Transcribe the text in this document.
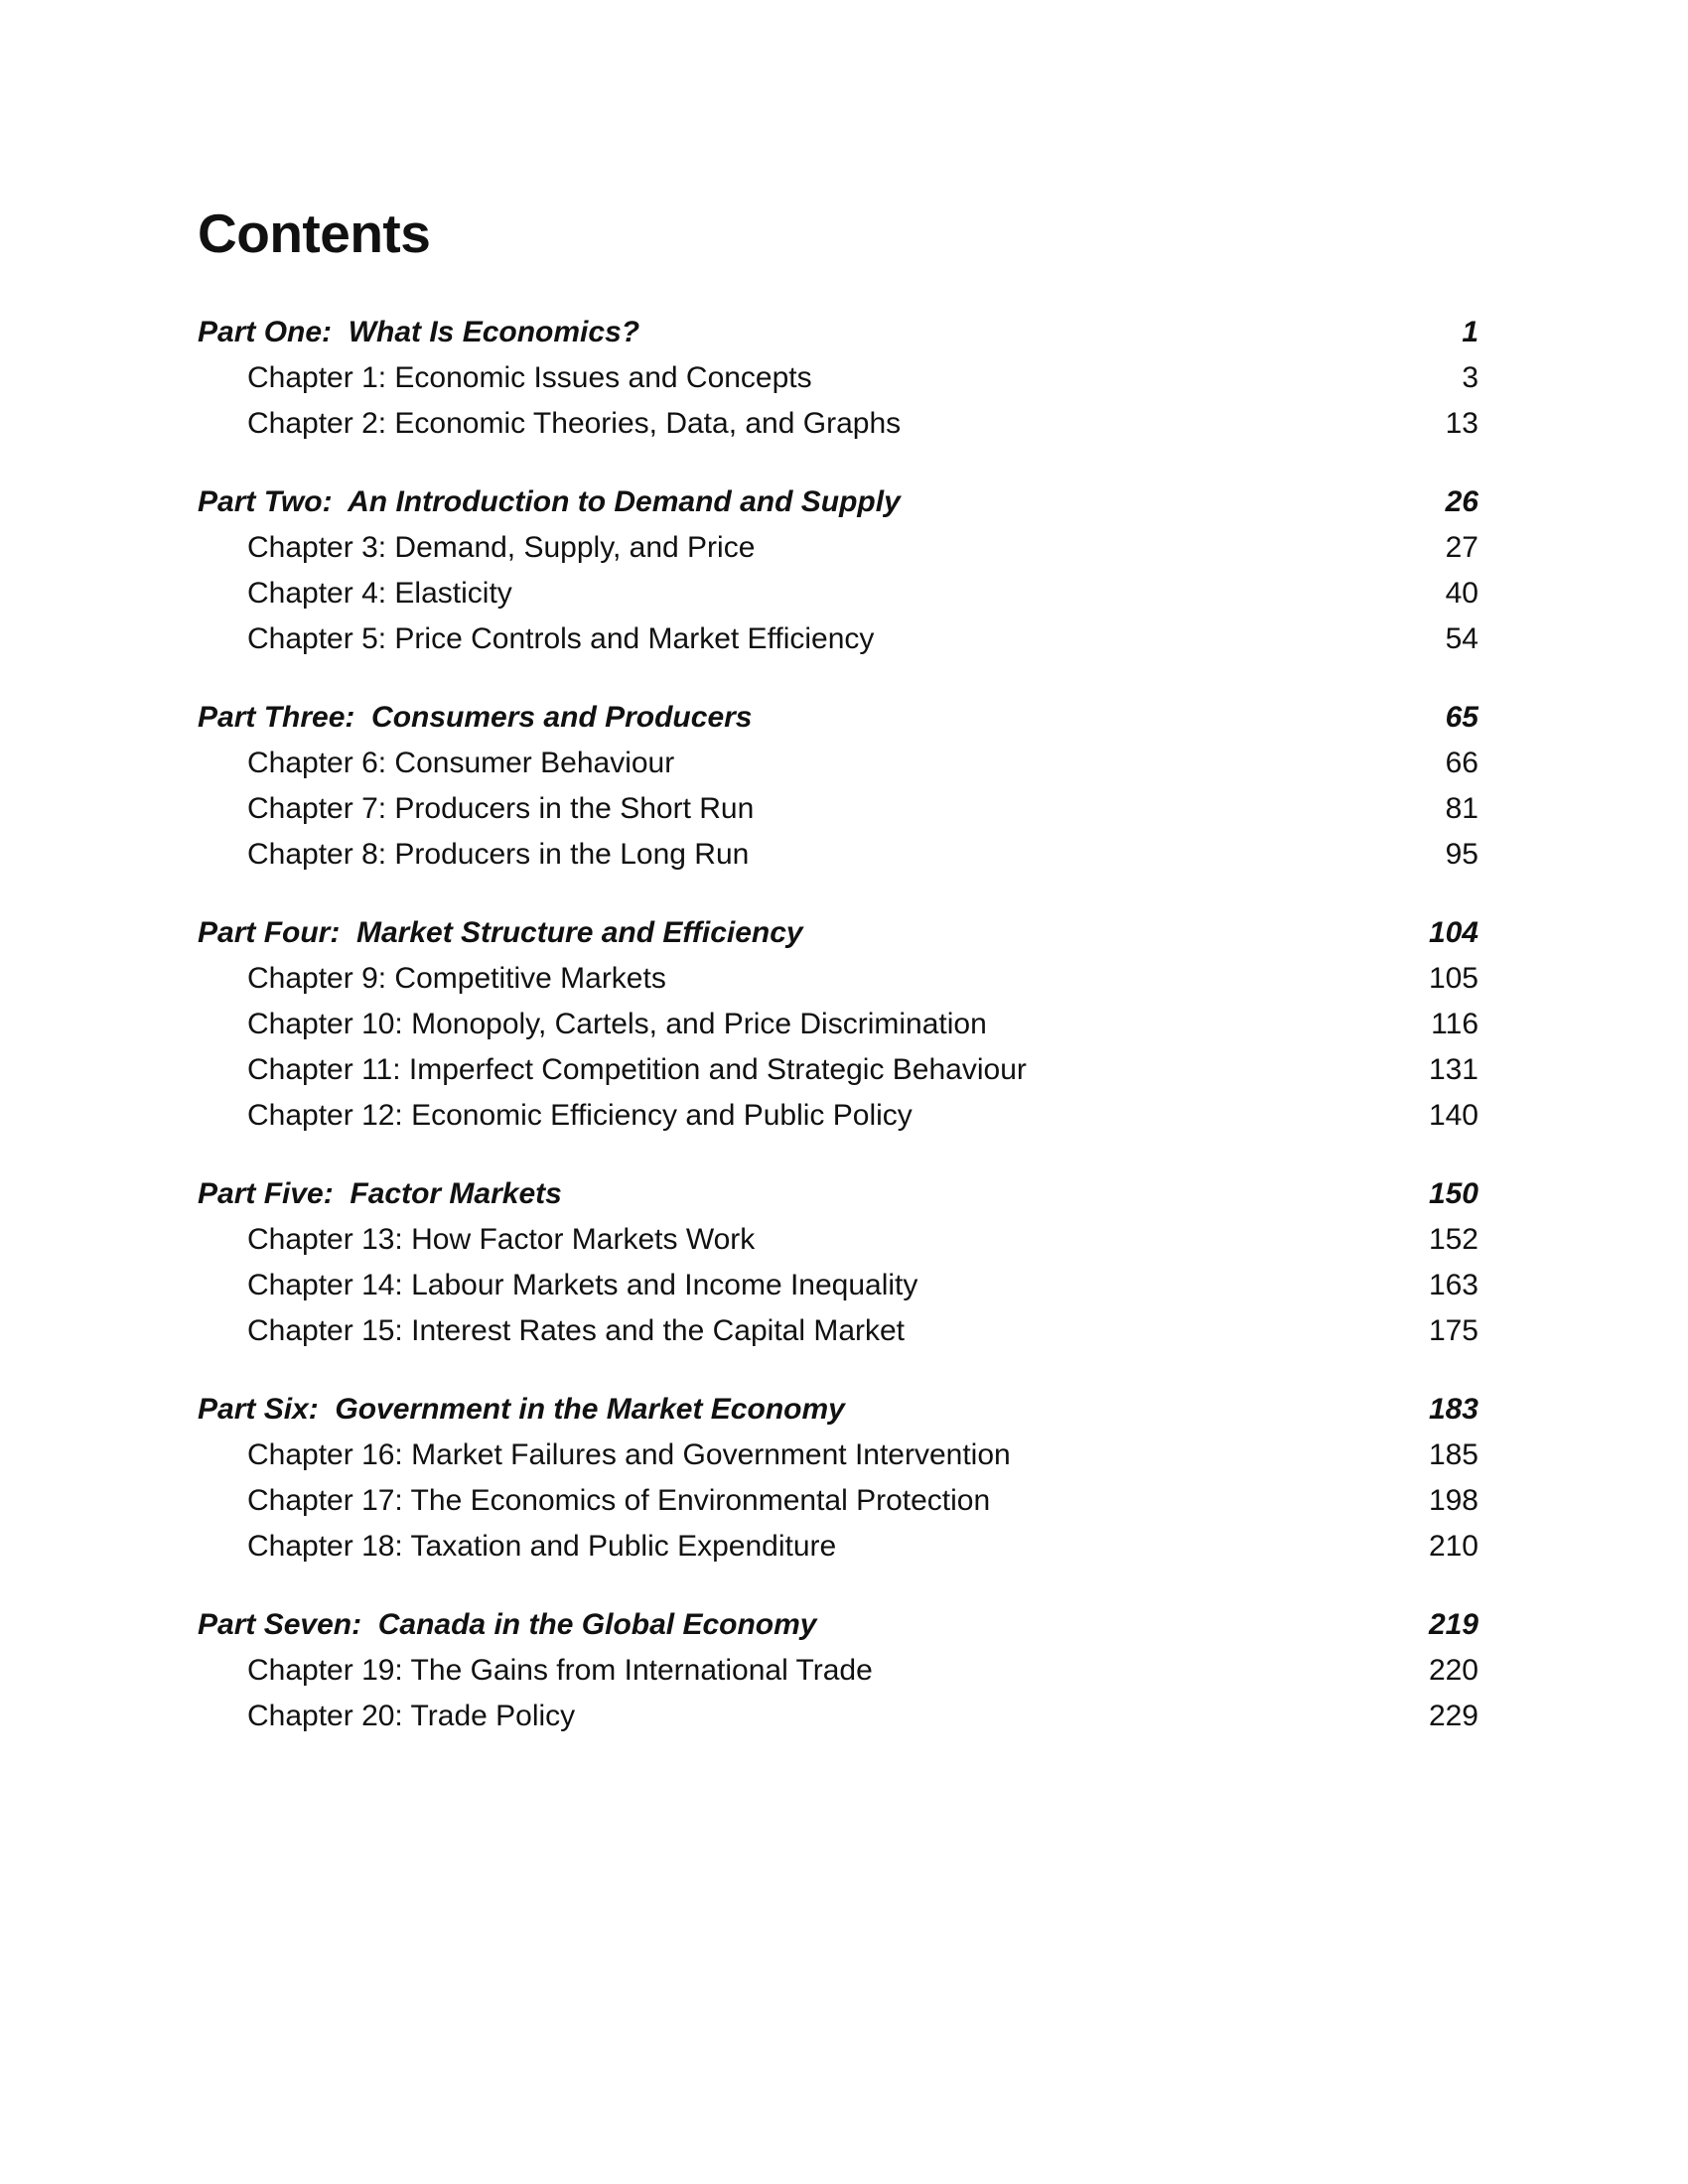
Contents
Part One:  What Is Economics?	1
Chapter 1: Economic Issues and Concepts	3
Chapter 2: Economic Theories, Data, and Graphs	13
Part Two:  An Introduction to Demand and Supply	26
Chapter 3: Demand, Supply, and Price	27
Chapter 4: Elasticity	40
Chapter 5: Price Controls and Market Efficiency	54
Part Three:  Consumers and Producers	65
Chapter 6: Consumer Behaviour	66
Chapter 7: Producers in the Short Run	81
Chapter 8: Producers in the Long Run	95
Part Four:  Market Structure and Efficiency	104
Chapter 9: Competitive Markets	105
Chapter 10: Monopoly, Cartels, and Price Discrimination	116
Chapter 11: Imperfect Competition and Strategic Behaviour	131
Chapter 12: Economic Efficiency and Public Policy	140
Part Five:  Factor Markets	150
Chapter 13: How Factor Markets Work	152
Chapter 14: Labour Markets and Income Inequality	163
Chapter 15: Interest Rates and the Capital Market	175
Part Six:  Government in the Market Economy	183
Chapter 16: Market Failures and Government Intervention	185
Chapter 17: The Economics of Environmental Protection	198
Chapter 18: Taxation and Public Expenditure	210
Part Seven:  Canada in the Global Economy	219
Chapter 19: The Gains from International Trade	220
Chapter 20: Trade Policy	229
